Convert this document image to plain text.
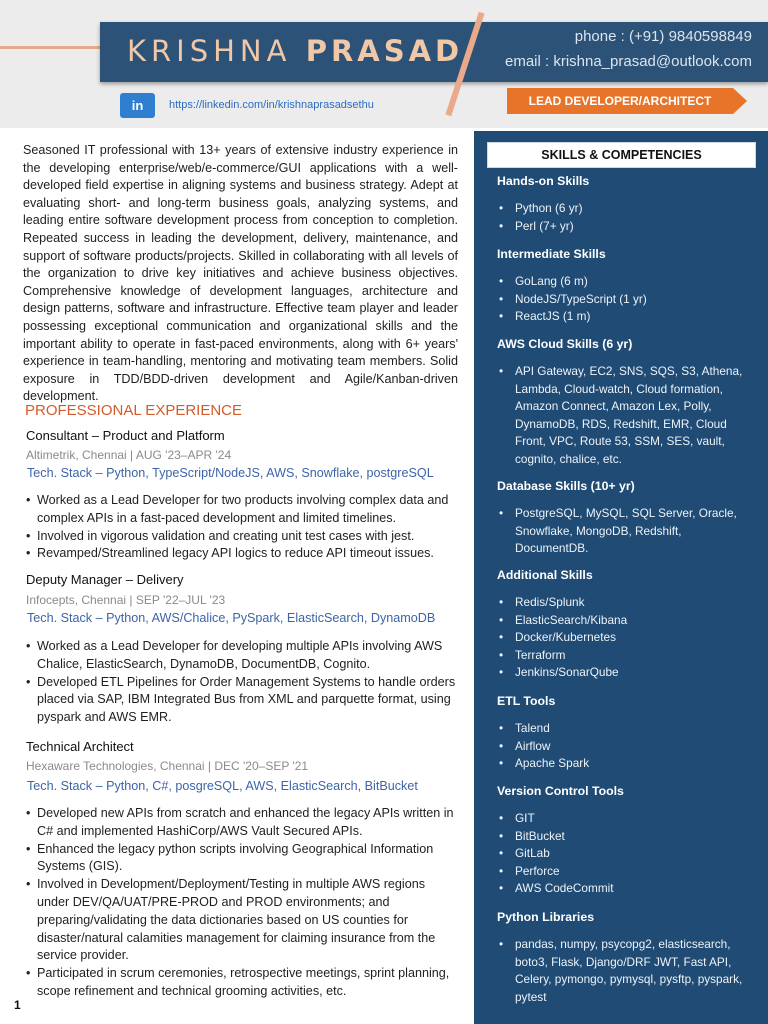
KRISHNA PRASAD	phone : (+91) 9840598849
email : krishna_prasad@outlook.com
in	https://linkedin.com/in/krishnaprasadsethu	LEAD DEVELOPER/ARCHITECT
Seasoned IT professional with 13+ years of extensive industry experience in the developing enterprise/web/e-commerce/GUI applications with a well-developed field expertise in aligning systems and business strategy. Adept at evaluating short- and long-term business goals, analyzing systems, and leading entire software development process from conception to completion. Repeated success in leading the development, delivery, maintenance, and support of software products/projects. Skilled in collaborating with all levels of the organization to drive key initiatives and achieve business objectives. Comprehensive knowledge of development languages, architecture and design patterns, software and infrastructure. Effective team player and leader possessing exceptional communication and organizational skills and the important ability to operate in fast-paced environments, along with 6+ years' experience in team-handling, mentoring and motivating team members. Solid exposure in TDD/BDD-driven development and Agile/Kanban-driven development.
PROFESSIONAL EXPERIENCE
Consultant – Product and Platform
Altimetrik, Chennai | AUG '23–APR '24
Tech. Stack – Python, TypeScript/NodeJS, AWS, Snowflake, postgreSQL
• Worked as a Lead Developer for two products involving complex data and complex APIs in a fast-paced development and limited timelines.
• Involved in vigorous validation and creating unit test cases with jest.
• Revamped/Streamlined legacy API logics to reduce API timeout issues.
Deputy Manager – Delivery
Infocepts, Chennai | SEP '22–JUL '23
Tech. Stack – Python, AWS/Chalice, PySpark, ElasticSearch, DynamoDB
• Worked as a Lead Developer for developing multiple APIs involving AWS Chalice, ElasticSearch, DynamoDB, DocumentDB, Cognito.
• Developed ETL Pipelines for Order Management Systems to handle orders placed via SAP, IBM Integrated Bus from XML and parquette format, using pyspark and AWS EMR.
Technical Architect
Hexaware Technologies, Chennai | DEC '20–SEP '21
Tech. Stack – Python, C#, posgreSQL, AWS, ElasticSearch, BitBucket
• Developed new APIs from scratch and enhanced the legacy APIs written in C# and implemented HashiCorp/AWS Vault Secured APIs.
• Enhanced the legacy python scripts involving Geographical Information Systems (GIS).
• Involved in Development/Deployment/Testing in multiple AWS regions under DEV/QA/UAT/PRE-PROD and PROD environments; and preparing/validating the data dictionaries based on US counties for disaster/natural calamities management for claiming insurance from the service provider.
• Participated in scrum ceremonies, retrospective meetings, sprint planning, scope refinement and technical grooming activities, etc.
1
SKILLS & COMPETENCIES
Hands-on Skills
• Python (6 yr)
• Perl (7+ yr)
Intermediate Skills
• GoLang (6 m)
• NodeJS/TypeScript (1 yr)
• ReactJS (1 m)
AWS Cloud Skills (6 yr)
• API Gateway, EC2, SNS, SQS, S3, Athena, Lambda, Cloud-watch, Cloud formation, Amazon Connect, Amazon Lex, Polly, DynamoDB, RDS, Redshift, EMR, Cloud Front, VPC, Route 53, SSM, SES, vault, cognito, chalice, etc.
Database Skills (10+ yr)
• PostgreSQL, MySQL, SQL Server, Oracle, Snowflake, MongoDB, Redshift, DocumentDB.
Additional Skills
• Redis/Splunk
• ElasticSearch/Kibana
• Docker/Kubernetes
• Terraform
• Jenkins/SonarQube
ETL Tools
• Talend
• Airflow
• Apache Spark
Version Control Tools
• GIT
• BitBucket
• GitLab
• Perforce
• AWS CodeCommit
Python Libraries
• pandas, numpy, psycopg2, elasticsearch, boto3, Flask, Django/DRF JWT, Fast API, Celery, pymongo, pymysql, pysftp, pyspark, pytest
